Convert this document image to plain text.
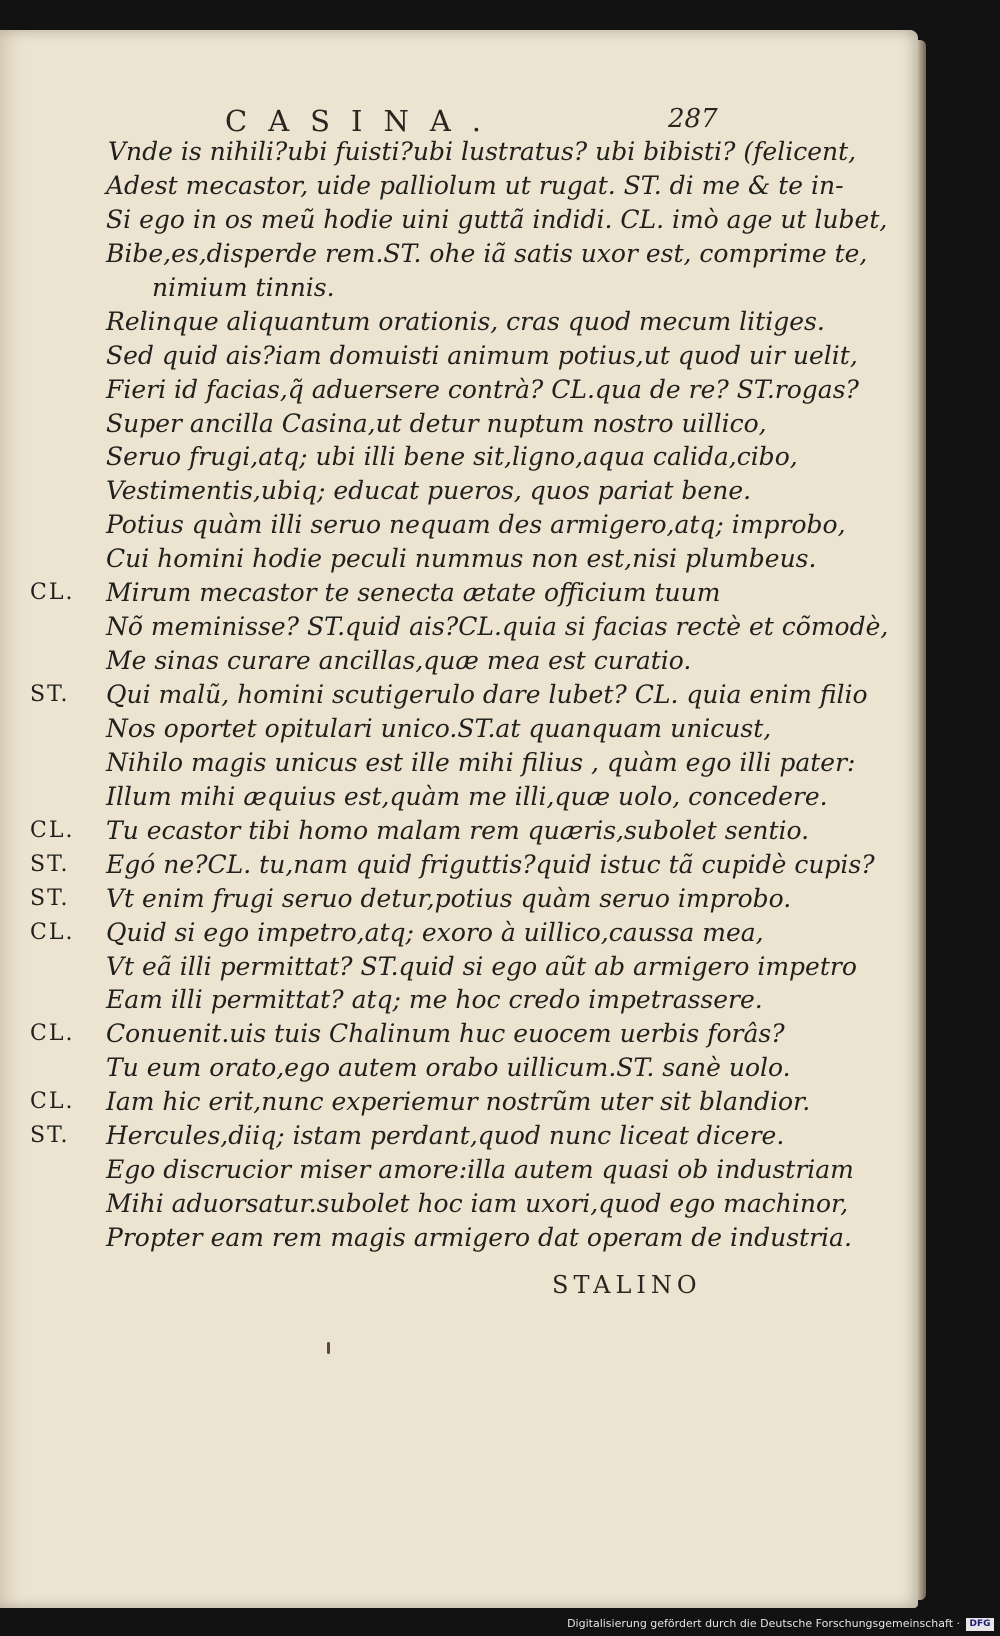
CASINA.	287
Vnde is nihili?ubi fuisti?ubi lustratus? ubi bibisti? (felicent,
Adest mecastor, uide palliolum ut rugat. ST. di me & te in-
Si ego in os meũ hodie uini guttã indidi. CL. imò age ut lubet,
Bibe,es,disperde rem.ST. ohe iã satis uxor est, comprime te,
nimium tinnis.
Relinque aliquantum orationis, cras quod mecum litiges.
Sed quid ais?iam domuisti animum potius,ut quod uir uelit,
Fieri id facias,q̃ aduersere contrà? CL.qua de re? ST.rogas?
Super ancilla Casina,ut detur nuptum nostro uillico,
Seruo frugi,atq; ubi illi bene sit,ligno,aqua calida,cibo,
Vestimentis,ubiq; educat pueros, quos pariat bene.
Potius quàm illi seruo nequam des armigero,atq; improbo,
Cui homini hodie peculi nummus non est,nisi plumbeus.
CL. Mirum mecastor te senecta ætate officium tuum
Nõ meminisse? ST.quid ais?CL.quia si facias rectè et cõmodè,
Me sinas curare ancillas,quæ mea est curatio.
ST. Qui malũ, homini scutigerulo dare lubet? CL. quia enim filio
Nos oportet opitulari unico.ST.at quanquam unicust,
Nihilo magis unicus est ille mihi filius , quàm ego illi pater:
Illum mihi æquius est,quàm me illi,quæ uolo, concedere.
CL. Tu ecastor tibi homo malam rem quæris,subolet sentio.
ST. Egó ne?CL. tu,nam quid friguttis?quid istuc tã cupidè cupis?
ST. Vt enim frugi seruo detur,potius quàm seruo improbo.
CL. Quid si ego impetro,atq; exoro à uillico,caussa mea,
Vt eã illi permittat? ST.quid si ego aũt ab armigero impetro
Eam illi permittat? atq; me hoc credo impetrassere.
CL. Conuenit.uis tuis Chalinum huc euocem uerbis forâs?
Tu eum orato,ego autem orabo uillicum.ST. sanè uolo.
CL. Iam hic erit,nunc experiemur nostrũm uter sit blandior.
ST. Hercules,diiq; istam perdant,quod nunc liceat dicere.
Ego discrucior miser amore:illa autem quasi ob industriam
Mihi aduorsatur.subolet hoc iam uxori,quod ego machinor,
Propter eam rem magis armigero dat operam de industria.
STALINO
Digitalisierung gefördert durch die Deutsche Forschungsgemeinschaft ·	DFG
